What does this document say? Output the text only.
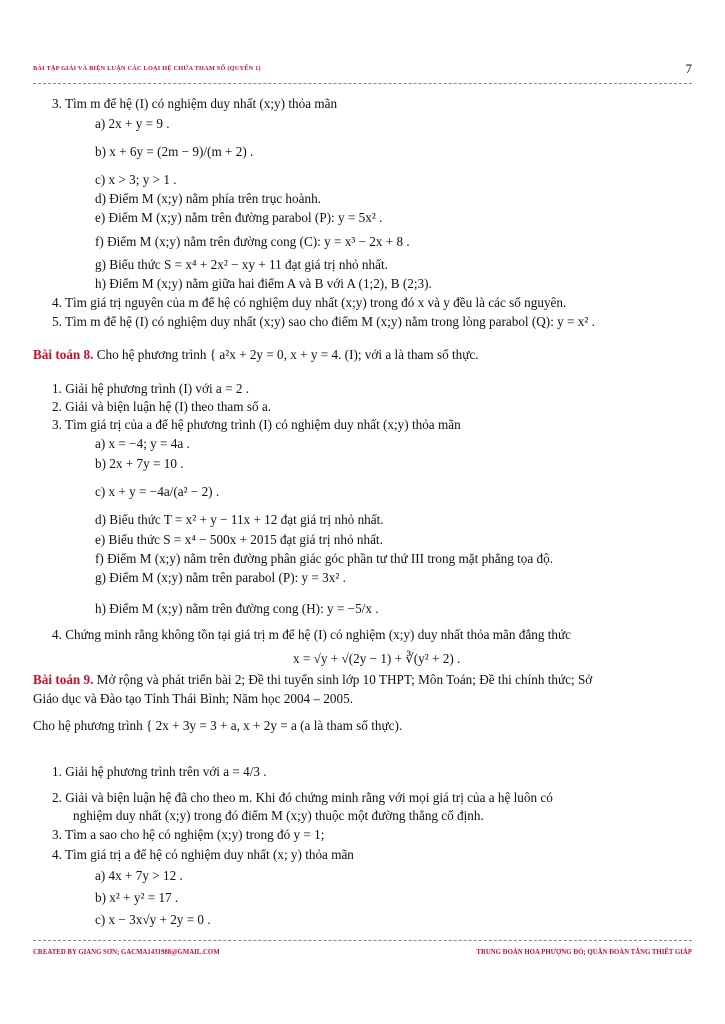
BÀI TẬP GIẢI VÀ BIỆN LUẬN CÁC LOẠI HỆ CHỨA THAM SỐ (QUYỂN 1)	7
3. Tìm m để hệ (I) có nghiệm duy nhất (x;y) thỏa mãn
a) 2x + y = 9 .
b) x + 6y = (2m − 9)/(m + 2) .
c) x > 3; y > 1 .
d) Điểm M (x;y) nằm phía trên trục hoành.
e) Điểm M (x;y) nằm trên đường parabol (P): y = 5x² .
f) Điểm M (x;y) nằm trên đường cong (C): y = x³ − 2x + 8 .
g) Biểu thức S = x⁴ + 2x² − xy + 11 đạt giá trị nhỏ nhất.
h) Điểm M (x;y) nằm giữa hai điểm A và B với A (1;2), B (2;3).
4. Tìm giá trị nguyên của m để hệ có nghiệm duy nhất (x;y) trong đó x và y đều là các số nguyên.
5. Tìm m để hệ (I) có nghiệm duy nhất (x;y) sao cho điểm M (x;y) nằm trong lòng parabol (Q): y = x² .
Bài toán 8. Cho hệ phương trình { a²x + 2y = 0, x + y = 4. (I); với a là tham số thực.
1. Giải hệ phương trình (I) với a = 2 .
2. Giải và biện luận hệ (I) theo tham số a.
3. Tìm giá trị của a để hệ phương trình (I) có nghiệm duy nhất (x;y) thỏa mãn
a) x = −4; y = 4a .
b) 2x + 7y = 10 .
c) x + y = −4a/(a² − 2) .
d) Biểu thức T = x² + y − 11x + 12 đạt giá trị nhỏ nhất.
e) Biểu thức S = x⁴ − 500x + 2015 đạt giá trị nhỏ nhất.
f) Điểm M (x;y) nằm trên đường phân giác góc phần tư thứ III trong mặt phẳng tọa độ.
g) Điểm M (x;y) nằm trên parabol (P): y = 3x² .
h) Điểm M (x;y) nằm trên đường cong (H): y = −5/x .
4. Chứng minh rằng không tồn tại giá trị m để hệ (I) có nghiệm (x;y) duy nhất thỏa mãn đẳng thức
x = √y + √(2y − 1) + ∛(y² + 2) .
Bài toán 9. Mở rộng và phát triển bài 2; Đề thi tuyển sinh lớp 10 THPT; Môn Toán; Đề thi chính thức; Sở
Giáo dục và Đào tạo Tỉnh Thái Bình; Năm học 2004 – 2005.
Cho hệ phương trình { 2x + 3y = 3 + a, x + 2y = a (a là tham số thực).
1. Giải hệ phương trình trên với a = 4/3 .
2. Giải và biện luận hệ đã cho theo m. Khi đó chứng minh rằng với mọi giá trị của a hệ luôn có
nghiệm duy nhất (x;y) trong đó điểm M (x;y) thuộc một đường thẳng cố định.
3. Tìm a sao cho hệ có nghiệm (x;y) trong đó y = 1;
4. Tìm giá trị a để hệ có nghiệm duy nhất (x; y) thỏa mãn
a) 4x + 7y > 12 .
b) x² + y² = 17 .
c) x − 3x√y + 2y = 0 .
CREATED BY GIANG SƠN; GACMA1431988@GMAIL.COM	TRUNG ĐOÀN HOA PHƯỢNG ĐỎ; QUÂN ĐOÀN TĂNG THIẾT GIÁP
